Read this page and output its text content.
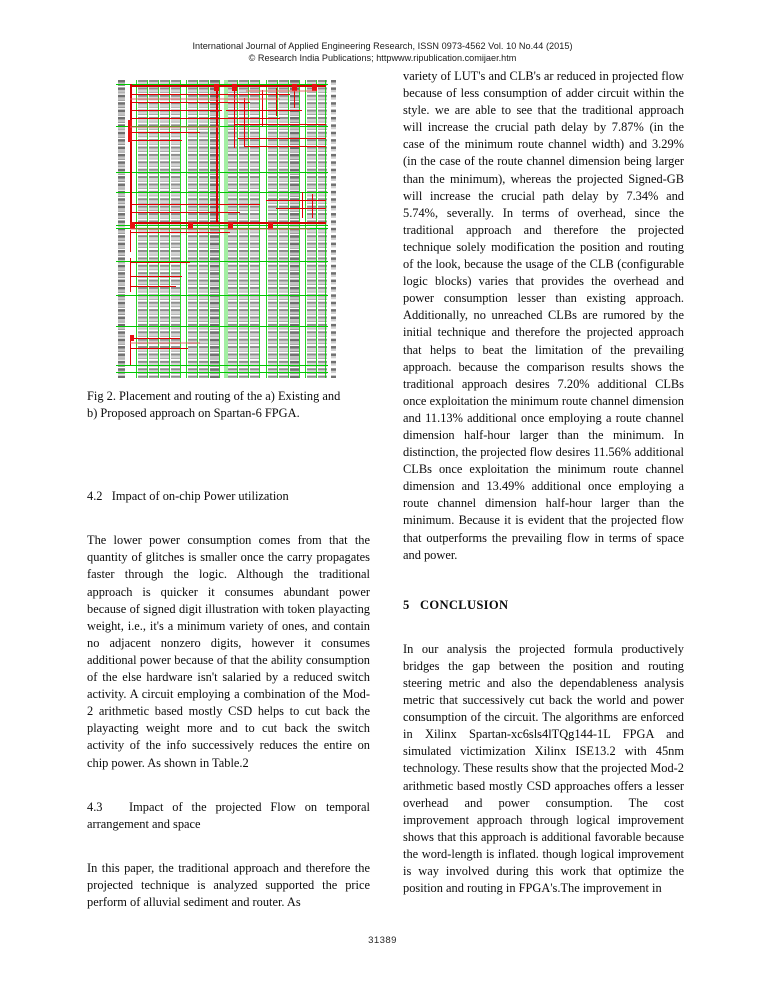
International Journal of Applied Engineering Research, ISSN 0973-4562 Vol. 10 No.44 (2015)
© Research India Publications; httpwww.ripublication.comijaer.htm

Fig 2. Placement and routing of the a) Existing and

b) Proposed approach on Spartan-6 FPGA.

4.2 Impact of on-chip Power utilization

The lower power consumption comes from that the quantity of glitches is smaller once the carry propagates faster through the logic. Although the traditional approach is quicker it consumes abundant power because of signed digit illustration with token playacting weight, i.e., it's a minimum variety of ones, and contain no adjacent nonzero digits, however it consumes additional power because of that the ability consumption of the else hardware isn't salaried by a reduced switch activity. A circuit employing a combination of the Mod-2 arithmetic based mostly CSD helps to cut back the playacting weight more and to cut back the switch activity of the info successively reduces the entire on chip power. As shown in Table.2

4.3 Impact of the projected Flow on temporal arrangement and space

In this paper, the traditional approach and therefore the projected technique is analyzed supported the price perform of alluvial sediment and router. As

variety of LUT's and CLB's ar reduced in projected flow because of less consumption of adder circuit within the style. we are able to see that the traditional approach will increase the crucial path delay by 7.87% (in the case of the minimum route channel width) and 3.29% (in the case of the route channel dimension being larger than the minimum), whereas the projected Signed-GB will increase the crucial path delay by 7.34% and 5.74%, severally. In terms of overhead, since the traditional approach and therefore the projected technique solely modification the position and routing of the look, because the usage of the CLB (configurable logic blocks) varies that provides the overhead and power consumption lesser than existing approach. Additionally, no unreached CLBs are rumored by the initial technique and therefore the projected approach that helps to beat the limitation of the prevailing approach. because the comparison results shows the traditional approach desires 7.20% additional CLBs once exploitation the minimum route channel dimension and 11.13% additional once employing a route channel dimension half-hour larger than the minimum. In distinction, the projected flow desires 11.56% additional CLBs once exploitation the minimum route channel dimension and 13.49% additional once employing a route channel dimension half-hour larger than the minimum. Because it is evident that the projected flow that outperforms the prevailing flow in terms of space and power.

5 CONCLUSION

In our analysis the projected formula productively bridges the gap between the position and routing steering metric and also the dependableness analysis metric that successively cut back the world and power consumption of the circuit. The algorithms are enforced in Xilinx Spartan-xc6sls4lTQg144-1L FPGA and simulated victimization Xilinx ISE13.2 with 45nm technology. These results show that the projected Mod-2 arithmetic based mostly CSD approaches offers a lesser overhead and power consumption. The cost improvement approach through logical improvement shows that this approach is additional favorable because the word-length is inflated. though logical improvement is way involved during this work that optimize the position and routing in FPGA's.The improvement in

31389
